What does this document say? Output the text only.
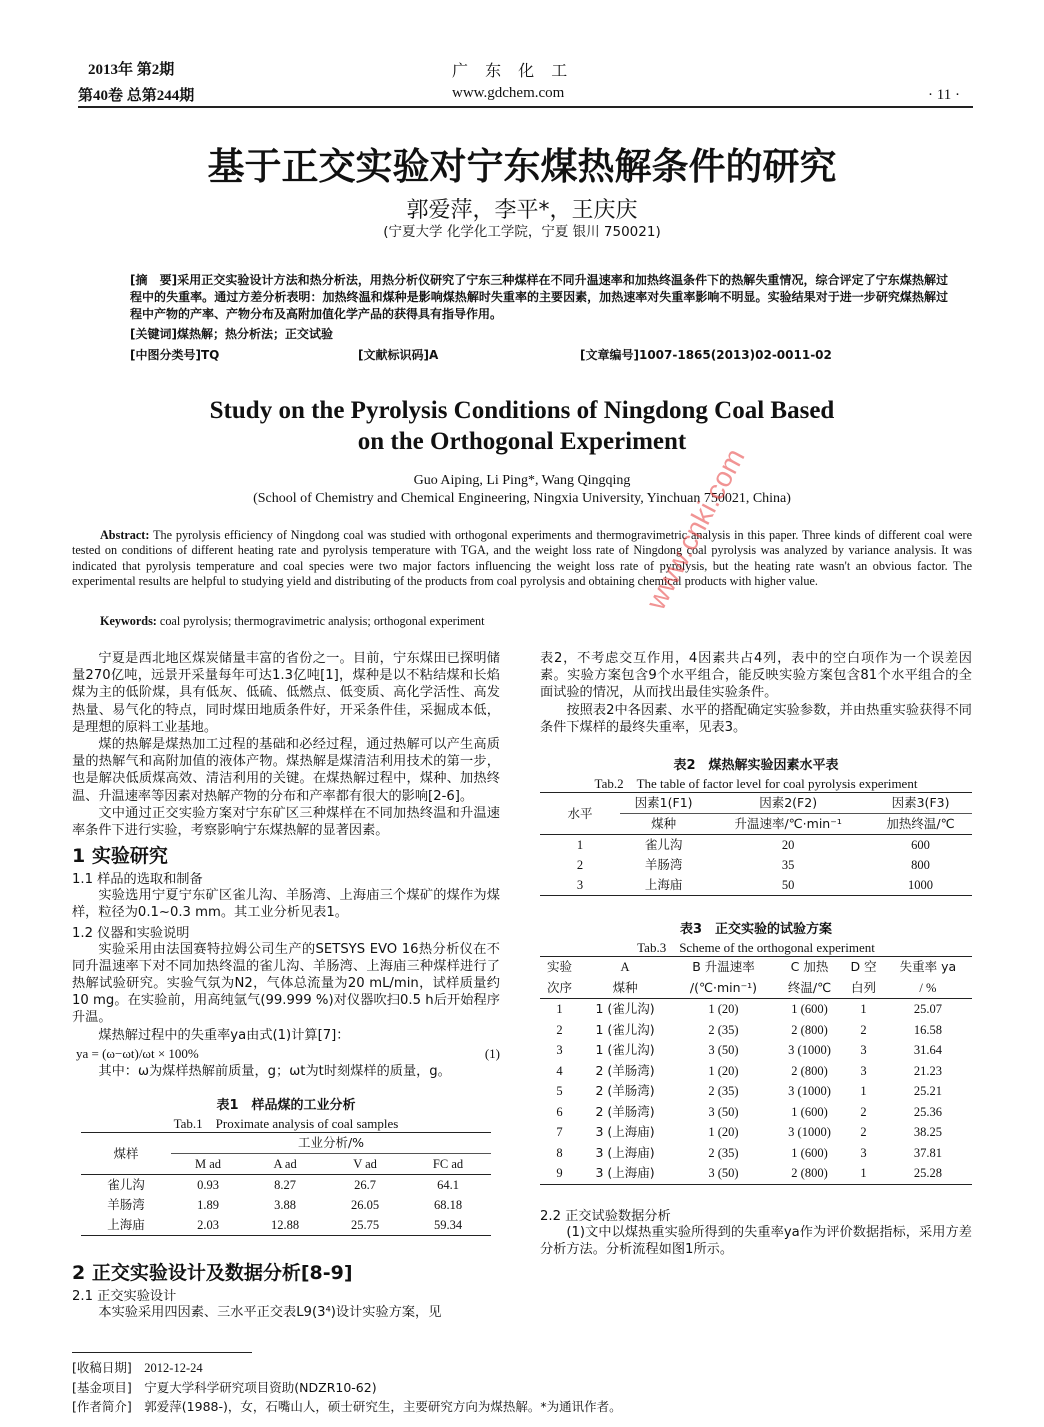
2013年 第2期
第40卷 总第244期
广 东 化 工
www.gdchem.com	· 11 ·
基于正交实验对宁东煤热解条件的研究
郭爱萍，李平*，王庆庆
(宁夏大学 化学化工学院，宁夏 银川 750021)
[摘　要]采用正交实验设计方法和热分析法，用热分析仪研究了宁东三种煤样在不同升温速率和加热终温条件下的热解失重情况，综合评定了宁东煤热解过程中的失重率。通过方差分析表明：加热终温和煤种是影响煤热解时失重率的主要因素，加热速率对失重率影响不明显。实验结果对于进一步研究煤热解过程中产物的产率、产物分布及高附加值化学产品的获得具有指导作用。
[关键词]煤热解；热分析法；正交试验
[中图分类号]TQ	[文献标识码]A	[文章编号]1007-1865(2013)02-0011-02
Study on the Pyrolysis Conditions of Ningdong Coal Based
on the Orthogonal Experiment
Guo Aiping, Li Ping*, Wang Qingqing
(School of Chemistry and Chemical Engineering, Ningxia University, Yinchuan 750021, China)
Abstract: The pyrolysis efficiency of Ningdong coal was studied with orthogonal experiments and thermogravimetric analysis in this paper. Three kinds of different coal were tested on conditions of different heating rate and pyrolysis temperature with TGA, and the weight loss rate of Ningdong coal pyrolysis was analyzed by variance analysis. It was indicated that pyrolysis temperature and coal species were two major factors influencing the weight loss rate of pyrolysis, but the heating rate wasn't an obvious factor. The experimental results are helpful to studying yield and distributing of the products from coal pyrolysis and obtaining chemical products with higher value.
Keywords: coal pyrolysis; thermogravimetric analysis; orthogonal experiment
www.cnki.com

宁夏是西北地区煤炭储量丰富的省份之一。目前，宁东煤田已探明储量270亿吨，远景开采量每年可达1.3亿吨[1]，煤种是以不粘结煤和长焰煤为主的低阶煤，具有低灰、低硫、低燃点、低变质、高化学活性、高发热量、易气化的特点，同时煤田地质条件好，开采条件佳，采掘成本低，是理想的原料工业基地。

煤的热解是煤热加工过程的基础和必经过程，通过热解可以产生高质量的热解气和高附加值的液体产物。煤热解是煤清洁利用技术的第一步，也是解决低质煤高效、清洁利用的关键。在煤热解过程中，煤种、加热终温、升温速率等因素对热解产物的分布和产率都有很大的影响[2-6]。

文中通过正交实验方案对宁东矿区三种煤样在不同加热终温和升温速率条件下进行实验，考察影响宁东煤热解的显著因素。

1 实验研究
1.1 样品的选取和制备

实验选用宁夏宁东矿区雀儿沟、羊肠湾、上海庙三个煤矿的煤作为煤样，粒径为0.1~0.3 mm。其工业分析见表1。

1.2 仪器和实验说明

实验采用由法国赛特拉姆公司生产的SETSYS EVO 16热分析仪在不同升温速率下对不同加热终温的雀儿沟、羊肠湾、上海庙三种煤样进行了热解试验研究。实验气氛为N2，气体总流量为20 mL/min，试样质量约10 mg。在实验前，用高纯氩气(99.999 %)对仪器吹扫0.5 h后开始程序升温。

煤热解过程中的失重率ya由式(1)计算[7]：

ya = (ω−ωt)/ωt × 100%	(1)

其中：ω为煤样热解前质量，g；ωt为t时刻煤样的质量，g。

表1　样品煤的工业分析
Tab.1　Proximate analysis of coal samples
煤样	工业分析/%			
	M ad	A ad	V ad	FC ad
雀儿沟	0.93	8.27	26.7	64.1
羊肠湾	1.89	3.88	26.05	68.18
上海庙	2.03	12.88	25.75	59.34
2 正交实验设计及数据分析[8-9]
2.1 正交实验设计

本实验采用四因素、三水平正交表L9(3⁴)设计实验方案，见

表2，不考虑交互作用，4因素共占4列，表中的空白项作为一个误差因素。实验方案包含9个水平组合，能反映实验方案包含81个水平组合的全面试验的情况，从而找出最佳实验条件。

按照表2中各因素、水平的搭配确定实验参数，并由热重实验获得不同条件下煤样的最终失重率，见表3。

表2　煤热解实验因素水平表
Tab.2　The table of factor level for coal pyrolysis experiment
水平	因素1(F1)	因素2(F2)	因素3(F3)
	煤种	升温速率/℃·min⁻¹	加热终温/℃
1	雀儿沟	20	600
2	羊肠湾	35	800
3	上海庙	50	1000
表3　正交实验的试验方案
Tab.3　Scheme of the orthogonal experiment
实验	A	B 升温速率	C 加热	D 空	失重率 ya
次序	煤种	/(℃·min⁻¹)	终温/℃	白列	/ %
1	1 (雀儿沟)	1 (20)	1 (600)	1	25.07
2	1 (雀儿沟)	2 (35)	2 (800)	2	16.58
3	1 (雀儿沟)	3 (50)	3 (1000)	3	31.64
4	2 (羊肠湾)	1 (20)	2 (800)	3	21.23
5	2 (羊肠湾)	2 (35)	3 (1000)	1	25.21
6	2 (羊肠湾)	3 (50)	1 (600)	2	25.36
7	3 (上海庙)	1 (20)	3 (1000)	2	38.25
8	3 (上海庙)	2 (35)	1 (600)	3	37.81
9	3 (上海庙)	3 (50)	2 (800)	1	25.28
2.2 正交试验数据分析

(1)文中以煤热重实验所得到的失重率ya作为评价数据指标，采用方差分析方法。分析流程如图1所示。

[收稿日期]　 2012-12-24
[基金项目]　 宁夏大学科学研究项目资助(NDZR10-62)
[作者简介]　 郭爱萍(1988-)，女，石嘴山人，硕士研究生，主要研究方向为煤热解。*为通讯作者。
